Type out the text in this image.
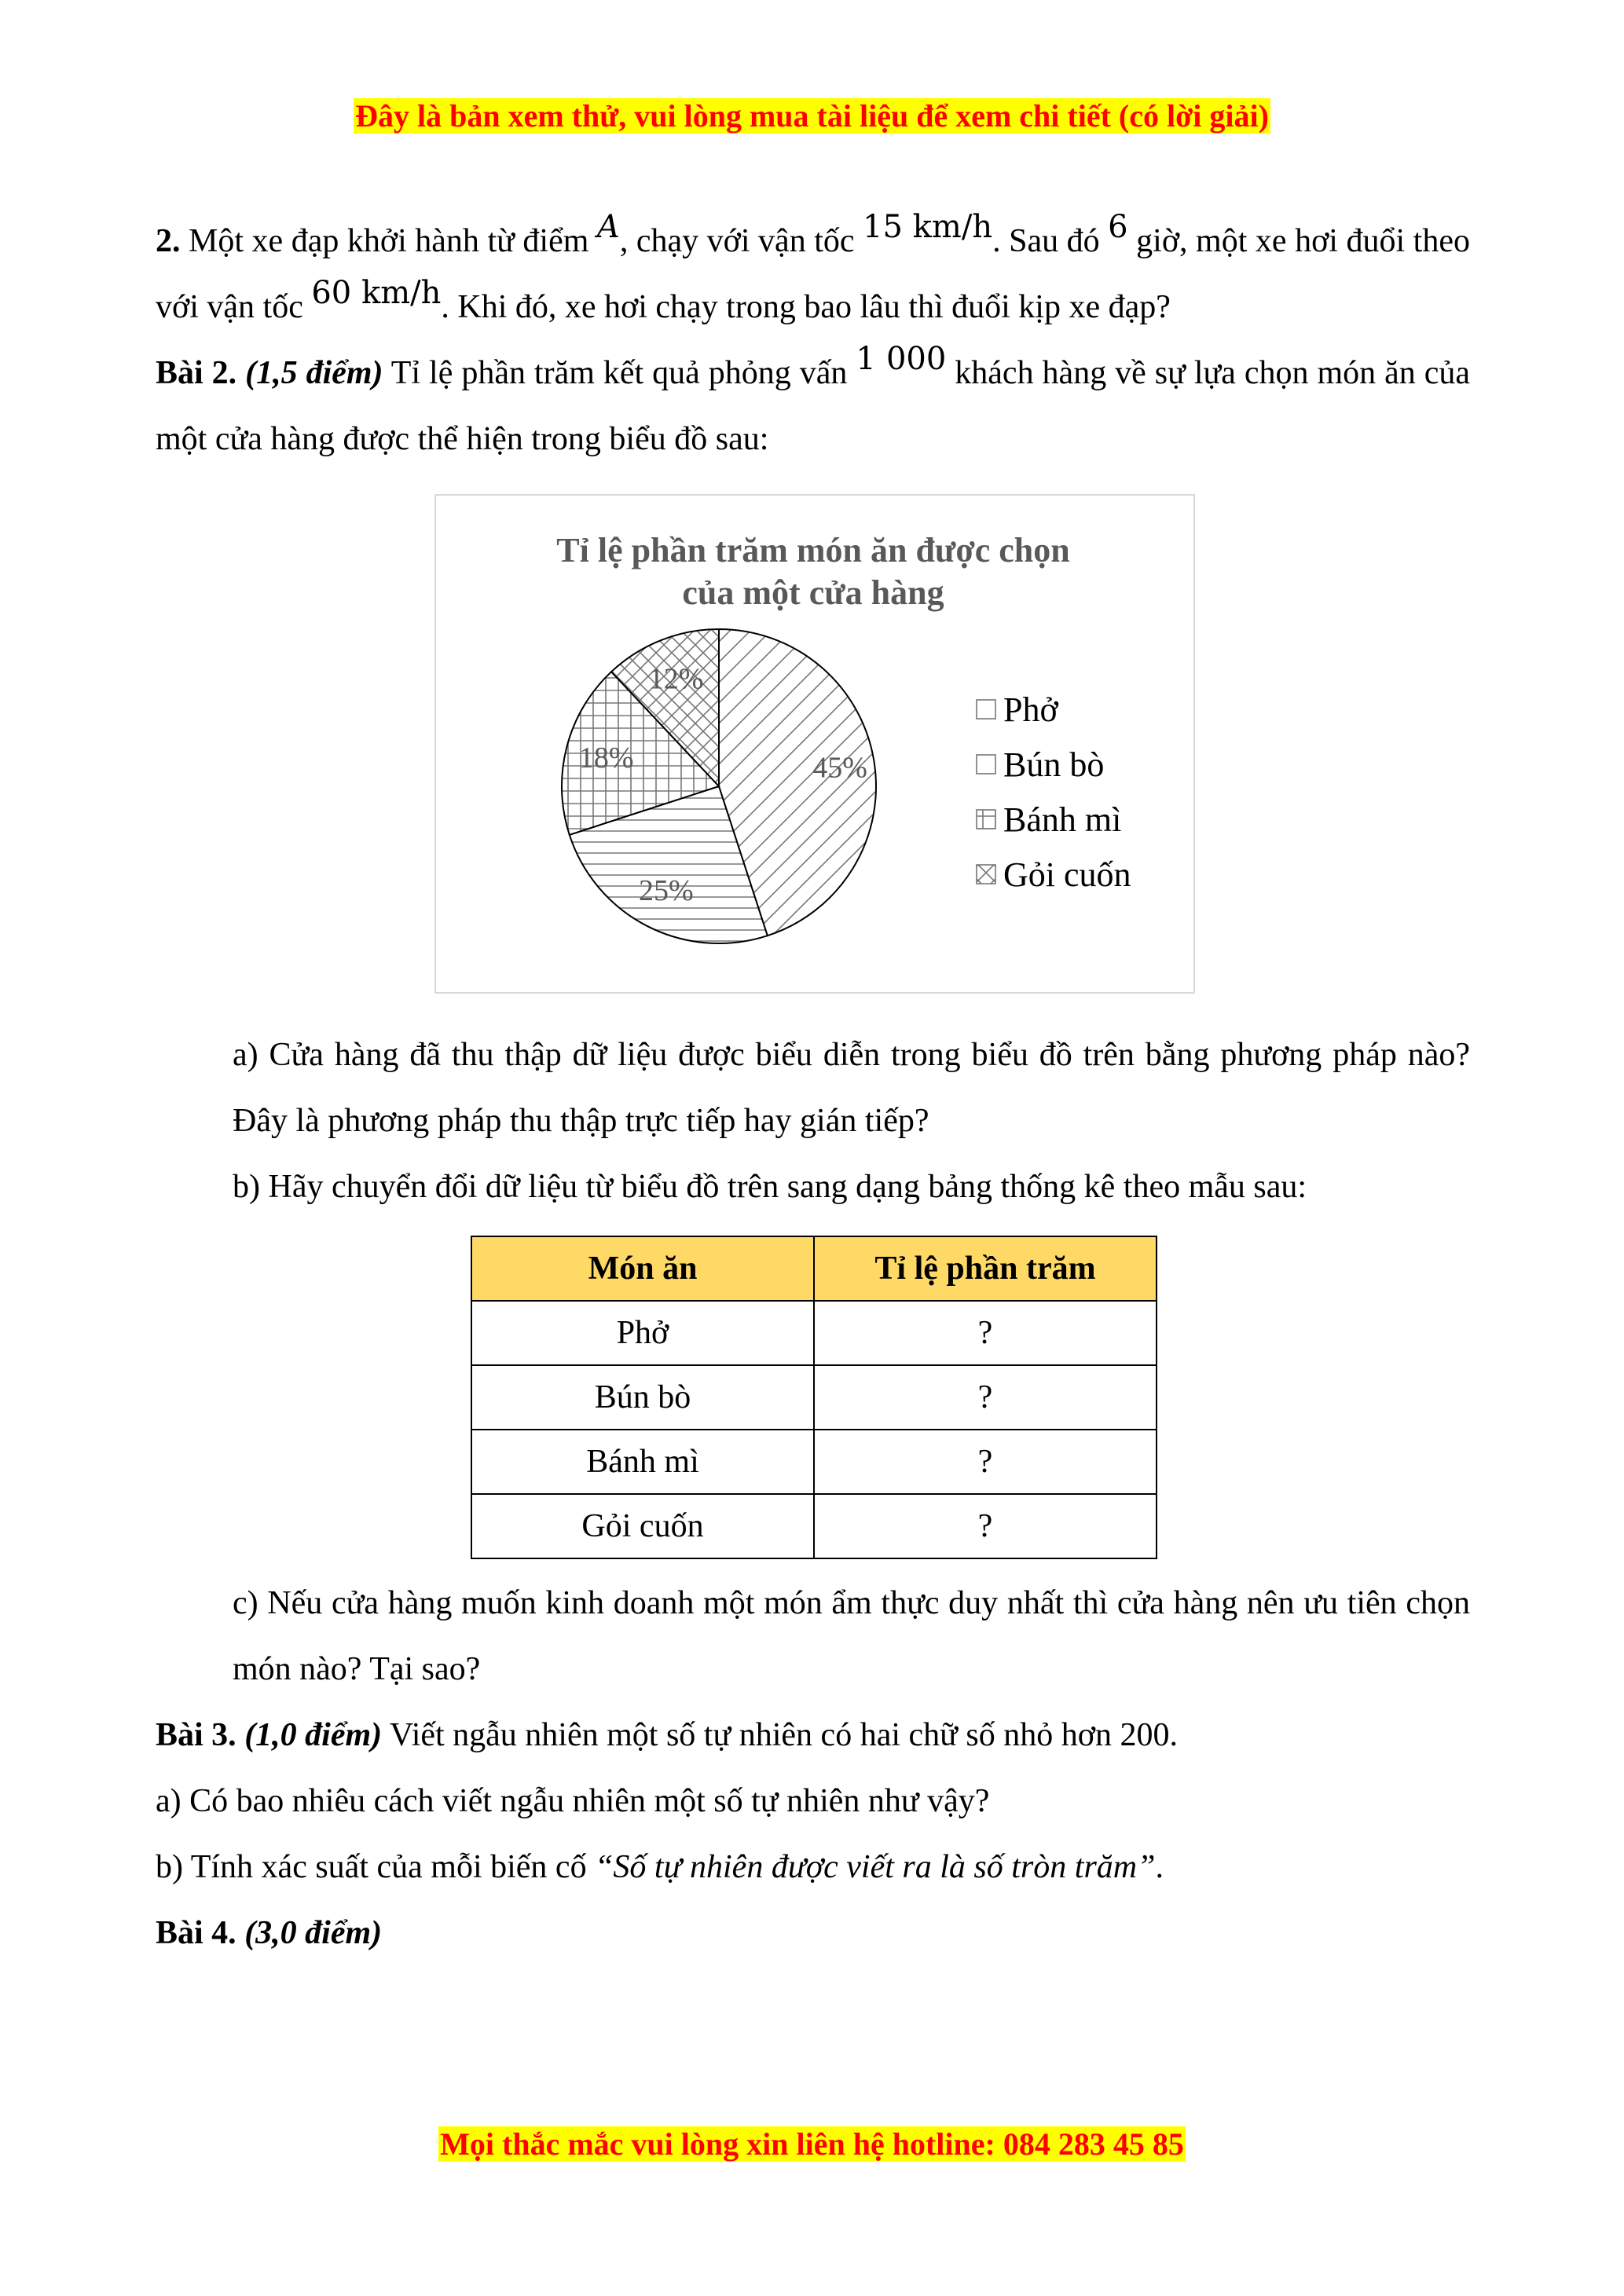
Đây là bản xem thử, vui lòng mua tài liệu để xem chi tiết (có lời giải)

2. Một xe đạp khởi hành từ điểm A, chạy với vận tốc 15 km/h. Sau đó 6 giờ, một xe hơi đuổi theo với vận tốc 60 km/h. Khi đó, xe hơi chạy trong bao lâu thì đuổi kịp xe đạp?

Bài 2. (1,5 điểm) Tỉ lệ phần trăm kết quả phỏng vấn 1 000 khách hàng về sự lựa chọn món ăn của một cửa hàng được thể hiện trong biểu đồ sau:

Tỉ lệ phần trăm món ăn được chọn
của một cửa hàng
45%
25%
18%
12%
Phở
Bún bò
Bánh mì
Gỏi cuốn

a) Cửa hàng đã thu thập dữ liệu được biểu diễn trong biểu đồ trên bằng phương pháp nào? Đây là phương pháp thu thập trực tiếp hay gián tiếp?

b) Hãy chuyển đổi dữ liệu từ biểu đồ trên sang dạng bảng thống kê theo mẫu sau:

Món ăn	Tỉ lệ phần trăm
Phở	?
Bún bò	?
Bánh mì	?
Gỏi cuốn	?

c) Nếu cửa hàng muốn kinh doanh một món ẩm thực duy nhất thì cửa hàng nên ưu tiên chọn món nào? Tại sao?

Bài 3. (1,0 điểm) Viết ngẫu nhiên một số tự nhiên có hai chữ số nhỏ hơn 200.

a) Có bao nhiêu cách viết ngẫu nhiên một số tự nhiên như vậy?

b) Tính xác suất của mỗi biến cố “Số tự nhiên được viết ra là số tròn trăm”.

Bài 4. (3,0 điểm)

Mọi thắc mắc vui lòng xin liên hệ hotline: 084 283 45 85
